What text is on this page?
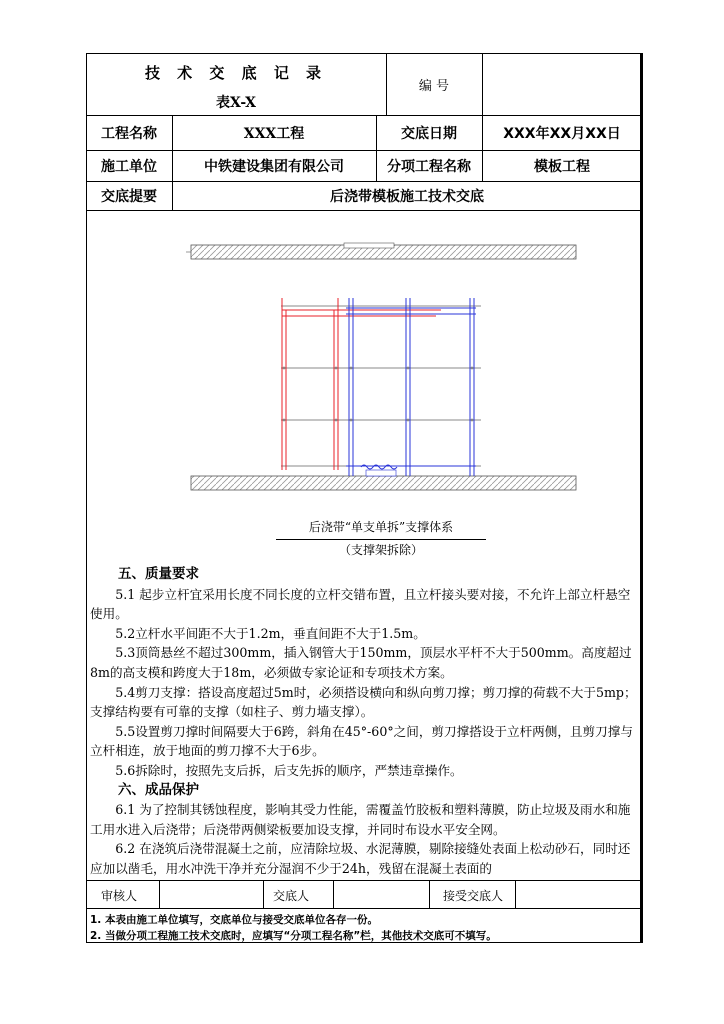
技 术 交 底 记 录
表X-X
编 号
工程名称	XXX工程	交底日期	XXX年XX月XX日
施工单位	中铁建设集团有限公司	分项工程名称	模板工程
交底提要	后浇带模板施工技术交底
后浇带“单支单拆”支撑体系
（支撑架拆除）
五、质量要求

5.1 起步立杆宜采用长度不同长度的立杆交错布置，且立杆接头要对接，不允许上部立杆悬空使用。

5.2立杆水平间距不大于1.2m，垂直间距不大于1.5m。

5.3顶筒悬丝不超过300mm，插入钢管大于150mm，顶层水平杆不大于500mm。高度超过8m的高支模和跨度大于18m，必须做专家论证和专项技术方案。

5.4剪刀支撑：搭设高度超过5m时，必须搭设横向和纵向剪刀撑；剪刀撑的荷载不大于5mp；支撑结构要有可靠的支撑（如柱子、剪力墙支撑）。

5.5设置剪刀撑时间隔要大于6跨，斜角在45°-60°之间，剪刀撑搭设于立杆两侧，且剪刀撑与立杆相连，放于地面的剪刀撑不大于6步。

5.6拆除时，按照先支后拆，后支先拆的顺序，严禁违章操作。

六、成品保护

6.1 为了控制其锈蚀程度，影响其受力性能，需覆盖竹胶板和塑料薄膜，防止垃圾及雨水和施工用水进入后浇带；后浇带两侧梁板要加设支撑，并同时布设水平安全网。

6.2 在浇筑后浇带混凝土之前，应清除垃圾、水泥薄膜，剔除接缝处表面上松动砂石，同时还应加以凿毛，用水冲洗干净并充分湿润不少于24h，残留在混凝土表面的

审核人	交底人	接受交底人
1. 本表由施工单位填写，交底单位与接受交底单位各存一份。
2. 当做分项工程施工技术交底时，应填写“分项工程名称”栏，其他技术交底可不填写。
